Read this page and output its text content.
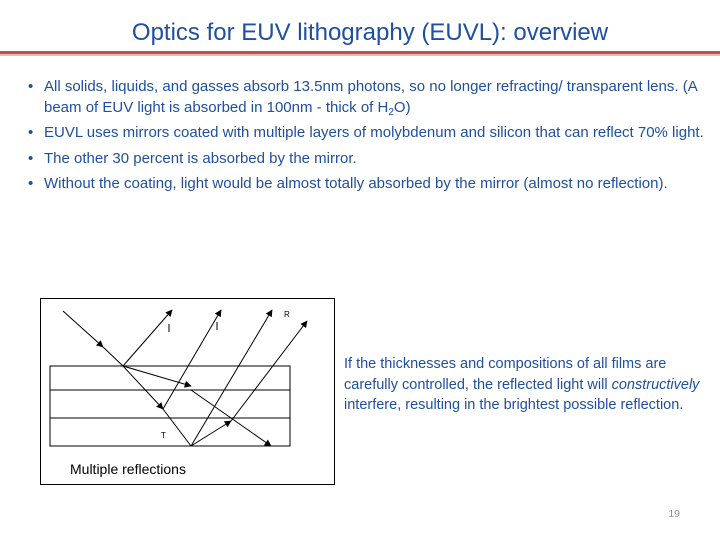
Optics for EUV lithography (EUVL): overview
• All solids, liquids, and gasses absorb 13.5nm photons, so no longer refracting/ transparent lens. (A beam of EUV light is absorbed in 100nm - thick of $H_2O$)
• EUVL uses mirrors coated with multiple layers of molybdenum and silicon that can reflect 70% light.
• The other 30 percent is absorbed by the mirror.
• Without the coating, light would be almost totally absorbed by the mirror (almost no reflection).
R
T
Multiple reflections
If the thicknesses and compositions of all films are carefully controlled, the reflected light will constructively interfere, resulting in the brightest possible reflection.
19
